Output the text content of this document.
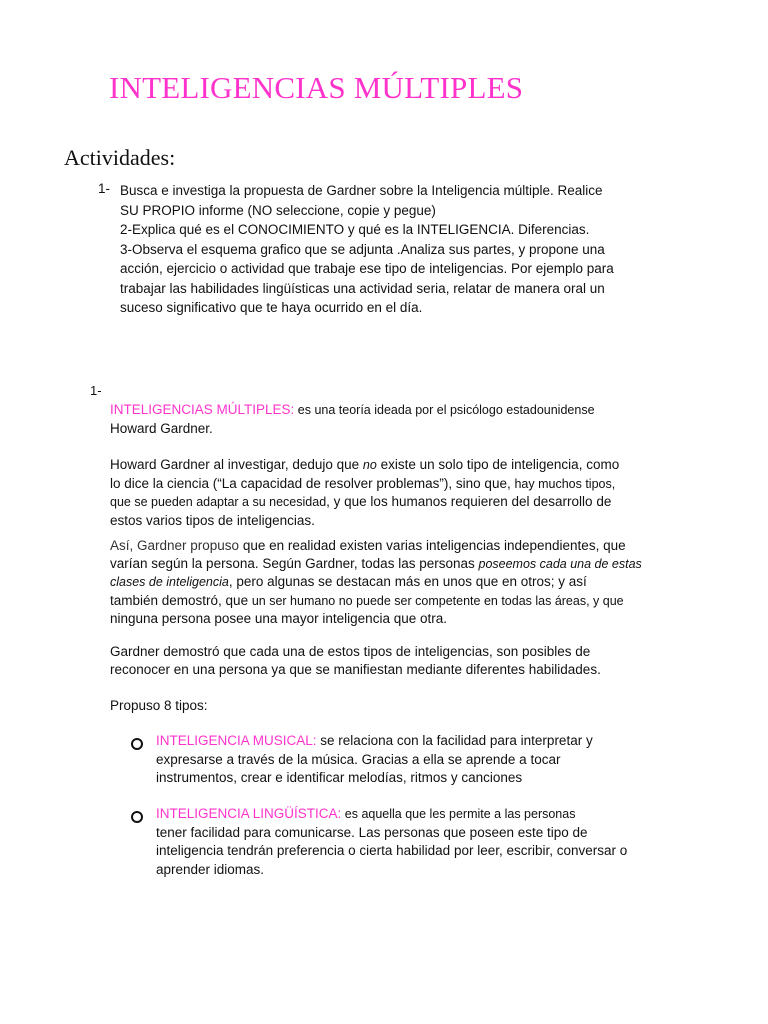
INTELIGENCIAS MÚLTIPLES
Actividades:
1- Busca e investiga la propuesta de Gardner sobre la Inteligencia múltiple. Realice
SU PROPIO informe (NO seleccione, copie y pegue)
2-Explica qué es el CONOCIMIENTO y qué es la INTELIGENCIA. Diferencias.
3-Observa el esquema grafico que se adjunta .Analiza sus partes, y propone una
acción, ejercicio o actividad que trabaje ese tipo de inteligencias. Por ejemplo para
trabajar las habilidades lingüísticas una actividad seria, relatar de manera oral un
suceso significativo que te haya ocurrido en el día.
1-
INTELIGENCIAS MÚLTIPLES: es una teoría ideada por el psicólogo estadounidense
Howard Gardner.
Howard Gardner al investigar, dedujo que no existe un solo tipo de inteligencia, como
lo dice la ciencia (“La capacidad de resolver problemas”), sino que, hay muchos tipos,
que se pueden adaptar a su necesidad, y que los humanos requieren del desarrollo de
estos varios tipos de inteligencias.
Así, Gardner propuso que en realidad existen varias inteligencias independientes, que
varían según la persona. Según Gardner, todas las personas poseemos cada una de estas
clases de inteligencia, pero algunas se destacan más en unos que en otros; y así
también demostró, que un ser humano no puede ser competente en todas las áreas, y que
ninguna persona posee una mayor inteligencia que otra.
Gardner demostró que cada una de estos tipos de inteligencias, son posibles de
reconocer en una persona ya que se manifiestan mediante diferentes habilidades.
Propuso 8 tipos:
INTELIGENCIA MUSICAL: se relaciona con la facilidad para interpretar y
expresarse a través de la música. Gracias a ella se aprende a tocar
instrumentos, crear e identificar melodías, ritmos y canciones
INTELIGENCIA LINGÜÍSTICA: es aquella que les permite a las personas
tener facilidad para comunicarse. Las personas que poseen este tipo de
inteligencia tendrán preferencia o cierta habilidad por leer, escribir, conversar o
aprender idiomas.
